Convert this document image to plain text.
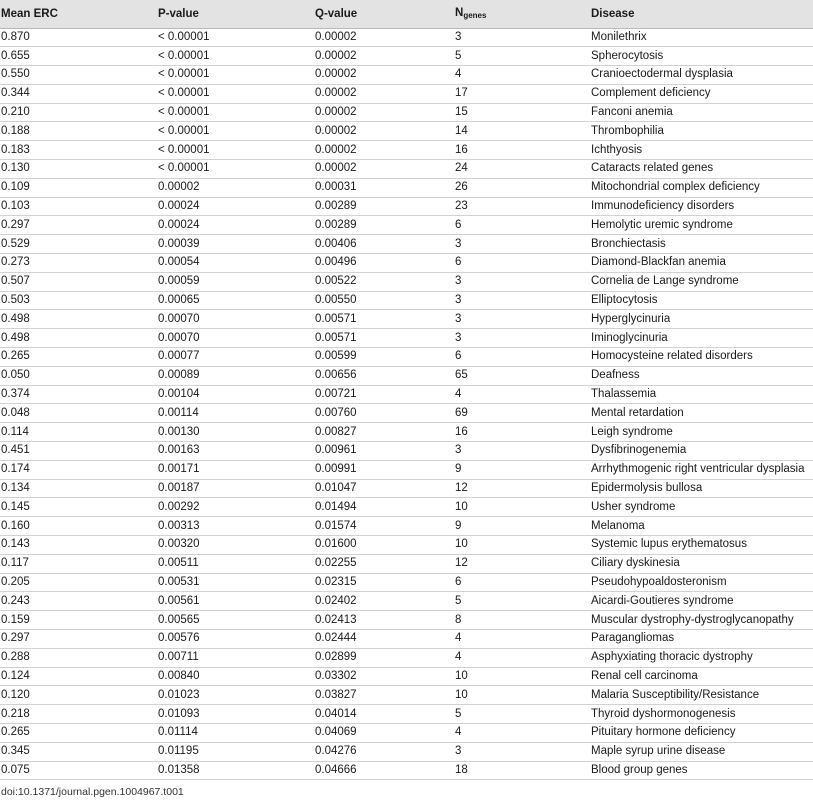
Mean ERC	P-value	Q-value	$N_{genes}$	Disease
0.870	< 0.00001	0.00002	3	Monilethrix
0.655	< 0.00001	0.00002	5	Spherocytosis
0.550	< 0.00001	0.00002	4	Cranioectodermal dysplasia
0.344	< 0.00001	0.00002	17	Complement deficiency
0.210	< 0.00001	0.00002	15	Fanconi anemia
0.188	< 0.00001	0.00002	14	Thrombophilia
0.183	< 0.00001	0.00002	16	Ichthyosis
0.130	< 0.00001	0.00002	24	Cataracts related genes
0.109	0.00002	0.00031	26	Mitochondrial complex deficiency
0.103	0.00024	0.00289	23	Immunodeficiency disorders
0.297	0.00024	0.00289	6	Hemolytic uremic syndrome
0.529	0.00039	0.00406	3	Bronchiectasis
0.273	0.00054	0.00496	6	Diamond-Blackfan anemia
0.507	0.00059	0.00522	3	Cornelia de Lange syndrome
0.503	0.00065	0.00550	3	Elliptocytosis
0.498	0.00070	0.00571	3	Hyperglycinuria
0.498	0.00070	0.00571	3	Iminoglycinuria
0.265	0.00077	0.00599	6	Homocysteine related disorders
0.050	0.00089	0.00656	65	Deafness
0.374	0.00104	0.00721	4	Thalassemia
0.048	0.00114	0.00760	69	Mental retardation
0.114	0.00130	0.00827	16	Leigh syndrome
0.451	0.00163	0.00961	3	Dysfibrinogenemia
0.174	0.00171	0.00991	9	Arrhythmogenic right ventricular dysplasia
0.134	0.00187	0.01047	12	Epidermolysis bullosa
0.145	0.00292	0.01494	10	Usher syndrome
0.160	0.00313	0.01574	9	Melanoma
0.143	0.00320	0.01600	10	Systemic lupus erythematosus
0.117	0.00511	0.02255	12	Ciliary dyskinesia
0.205	0.00531	0.02315	6	Pseudohypoaldosteronism
0.243	0.00561	0.02402	5	Aicardi-Goutieres syndrome
0.159	0.00565	0.02413	8	Muscular dystrophy-dystroglycanopathy
0.297	0.00576	0.02444	4	Paragangliomas
0.288	0.00711	0.02899	4	Asphyxiating thoracic dystrophy
0.124	0.00840	0.03302	10	Renal cell carcinoma
0.120	0.01023	0.03827	10	Malaria Susceptibility/Resistance
0.218	0.01093	0.04014	5	Thyroid dyshormonogenesis
0.265	0.01114	0.04069	4	Pituitary hormone deficiency
0.345	0.01195	0.04276	3	Maple syrup urine disease
0.075	0.01358	0.04666	18	Blood group genes
doi:10.1371/journal.pgen.1004967.t001
